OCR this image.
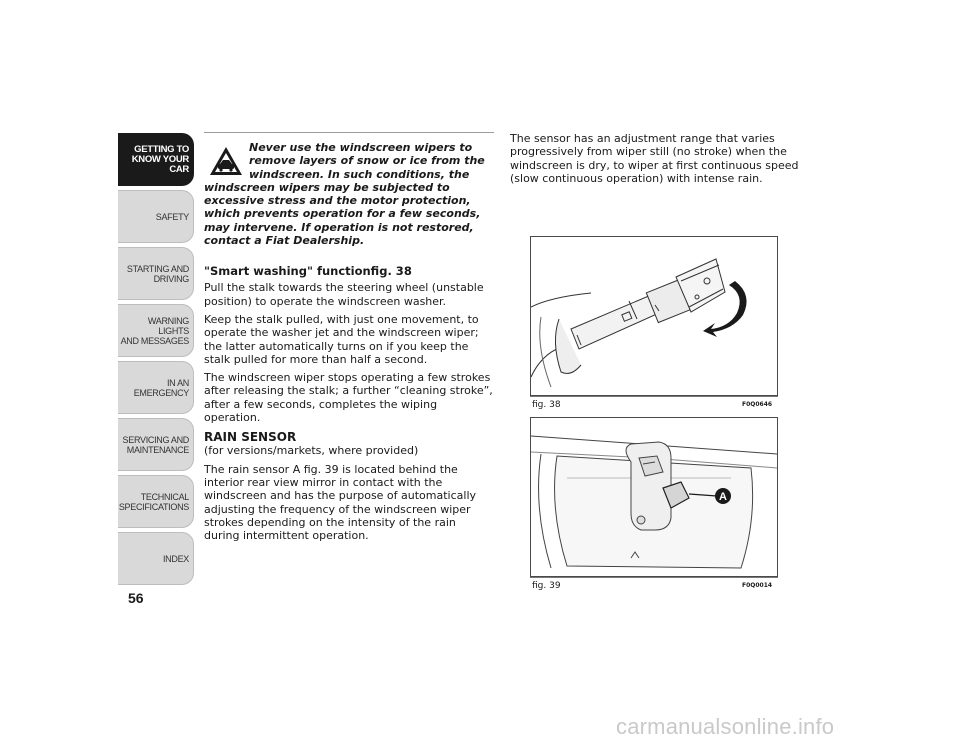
GETTING TO
KNOW YOUR CAR
SAFETY
STARTING AND
DRIVING
WARNING LIGHTS
AND MESSAGES
IN AN EMERGENCY
SERVICING AND
MAINTENANCE
TECHNICAL
SPECIFICATIONS
INDEX
56
Never use the windscreen wipers to
remove layers of snow or ice from the
windscreen. In such conditions, the
windscreen wipers may be subjected to excessive stress and the motor protection, which prevents operation for a few seconds, may intervene. If operation is not restored, contact a Fiat Dealership.
"Smart washing" functionfig. 38

Pull the stalk towards the steering wheel (unstable position) to operate the windscreen washer.

Keep the stalk pulled, with just one movement, to operate the washer jet and the windscreen wiper; the latter automatically turns on if you keep the stalk pulled for more than half a second.

The windscreen wiper stops operating a few strokes after releasing the stalk; a further “cleaning stroke”, after a few seconds, completes the wiping operation.

RAIN SENSOR

(for versions/markets, where provided)

The rain sensor A fig. 39 is located behind the interior rear view mirror in contact with the windscreen and has the purpose of automatically adjusting the frequency of the windscreen wiper strokes depending on the intensity of the rain during intermittent operation.

The sensor has an adjustment range that varies progressively from wiper still (no stroke) when the windscreen is dry, to wiper at first continuous speed (slow continuous operation) with intense rain.

fig. 38	F0Q0646
A
fig. 39	F0Q0014
carmanualsonline.info
